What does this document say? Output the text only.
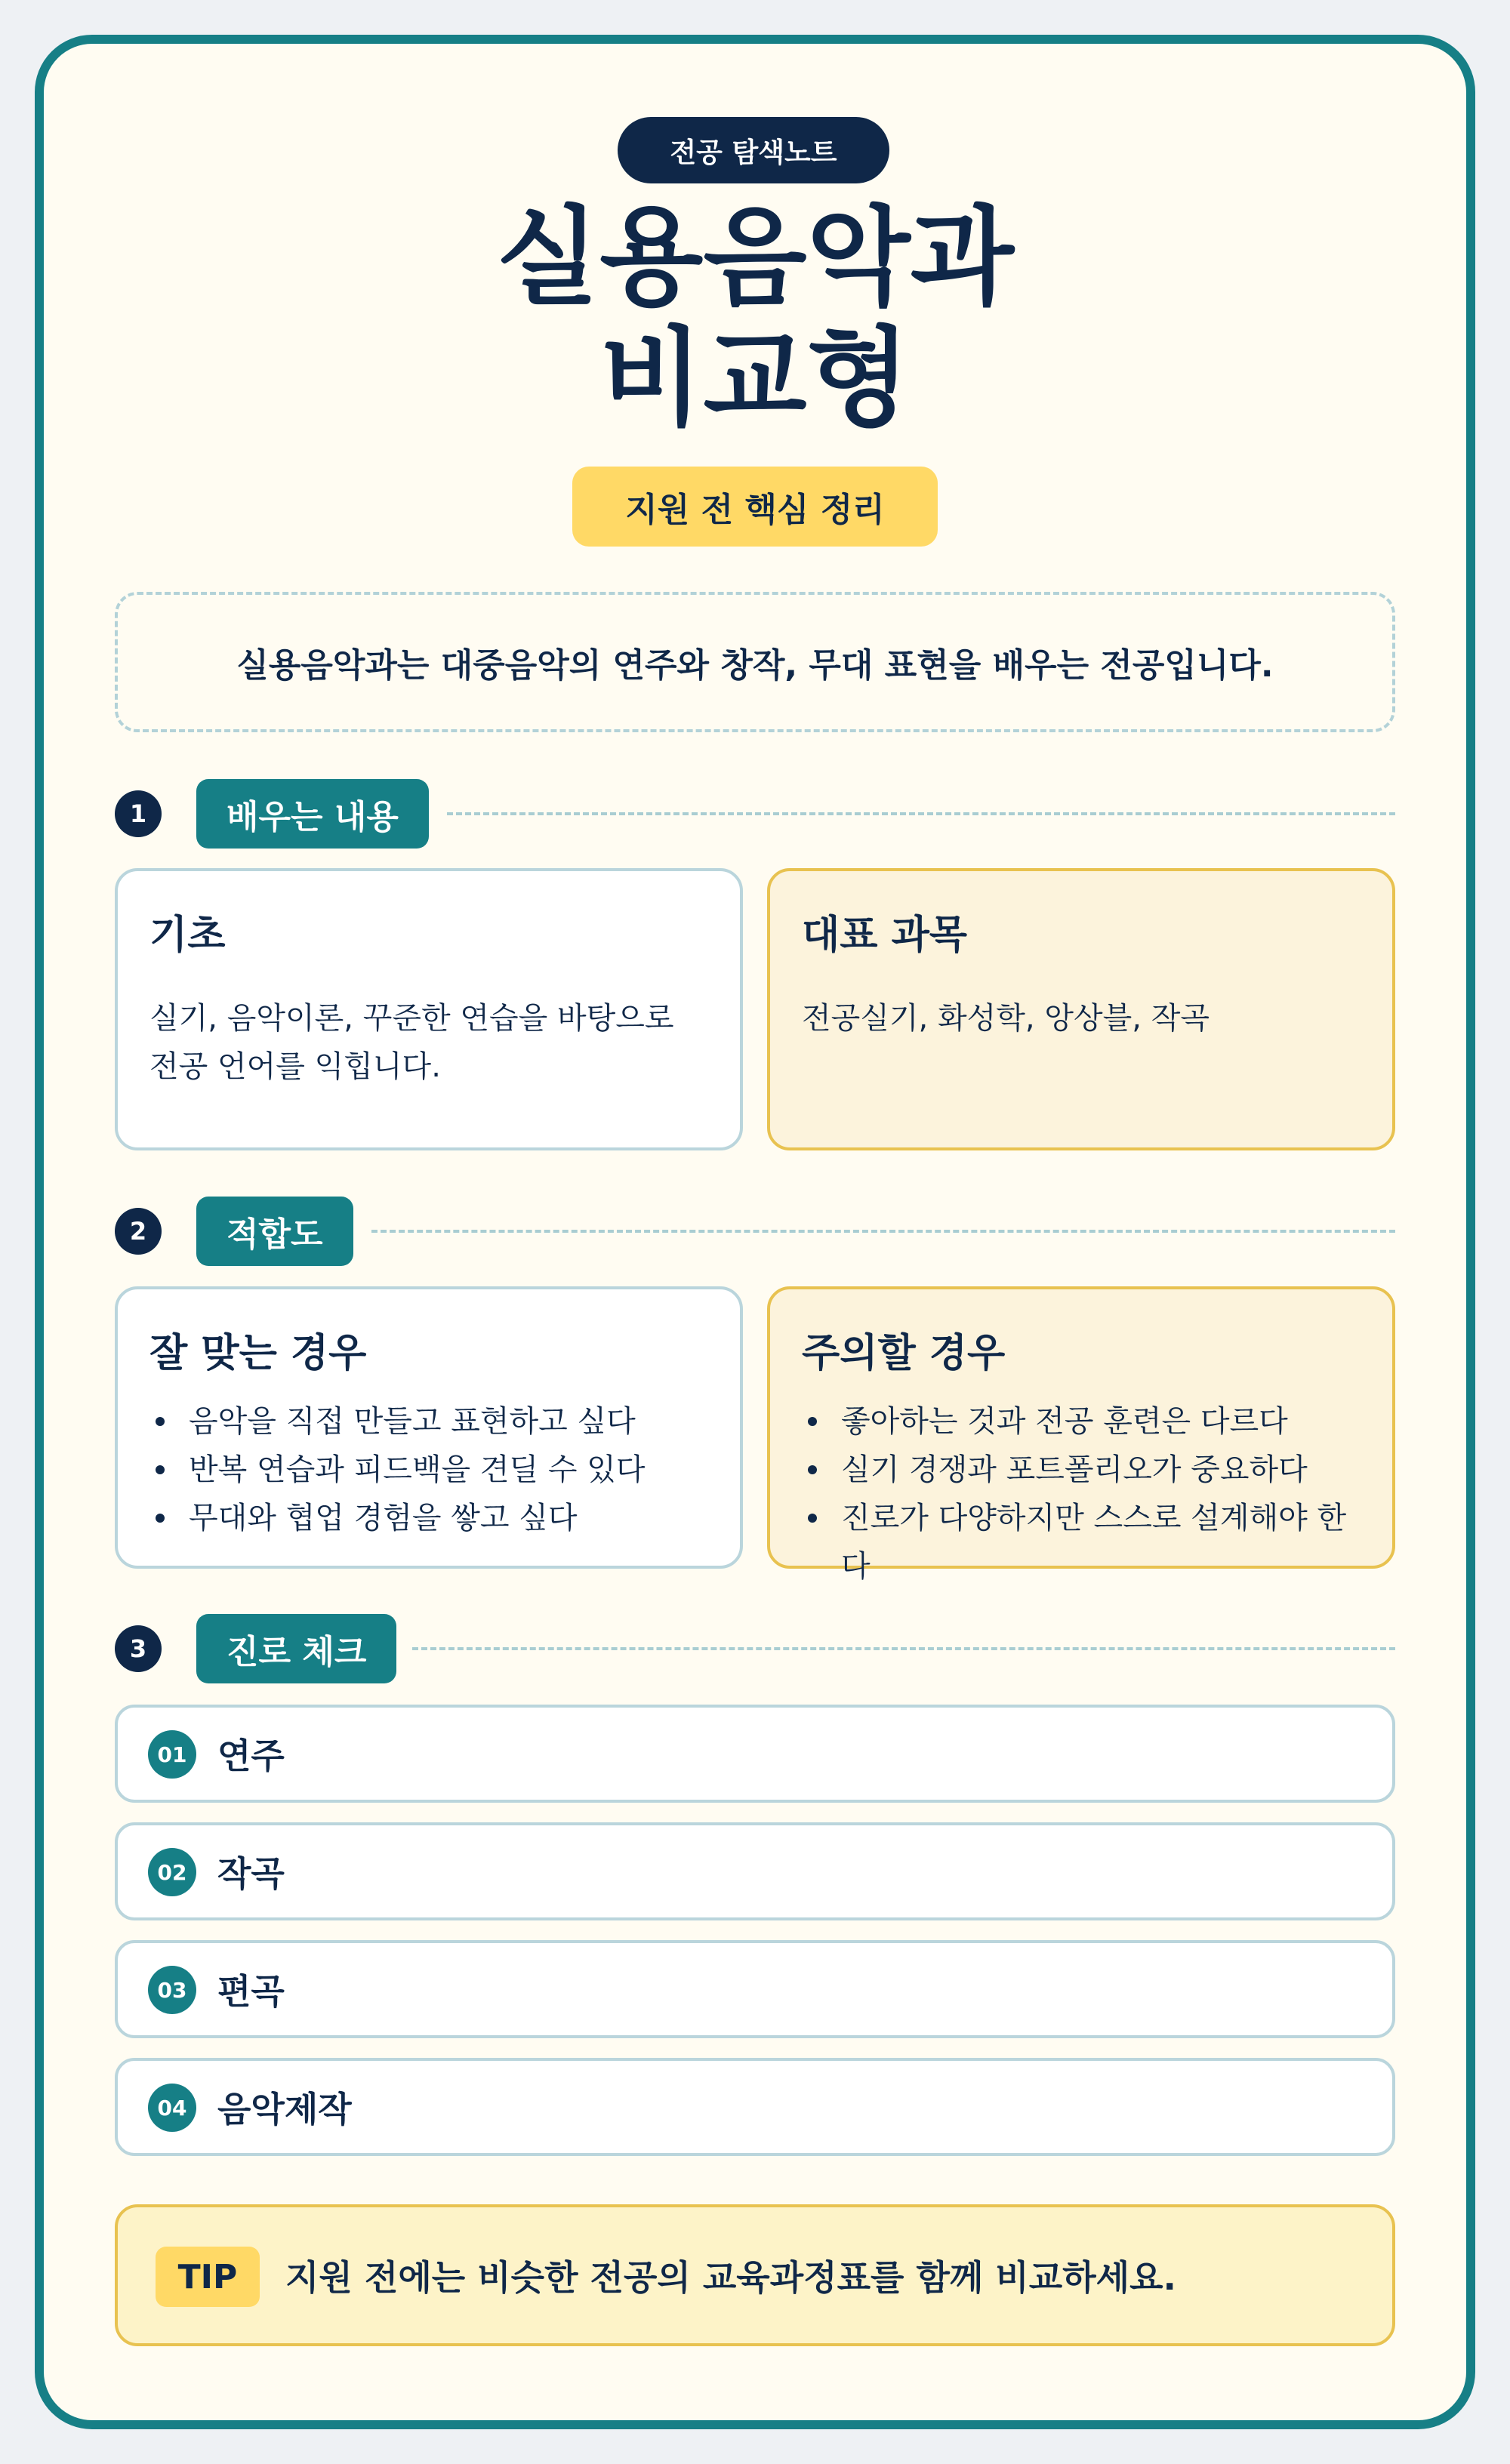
전공 탐색노트
실용음악과
비교형
지원 전 핵심 정리
실용음악과는 대중음악의 연주와 창작, 무대 표현을 배우는 전공입니다.
1	배우는 내용
기초
실기, 음악이론, 꾸준한 연습을 바탕으로 전공 언어를 익힙니다.
대표 과목
전공실기, 화성학, 앙상블, 작곡
2	적합도
잘 맞는 경우
음악을 직접 만들고 표현하고 싶다
반복 연습과 피드백을 견딜 수 있다
무대와 협업 경험을 쌓고 싶다
주의할 경우
좋아하는 것과 전공 훈련은 다르다
실기 경쟁과 포트폴리오가 중요하다
진로가 다양하지만 스스로 설계해야 한다
3	진로 체크
01 연주
02 작곡
03 편곡
04 음악제작
TIP	지원 전에는 비슷한 전공의 교육과정표를 함께 비교하세요.
